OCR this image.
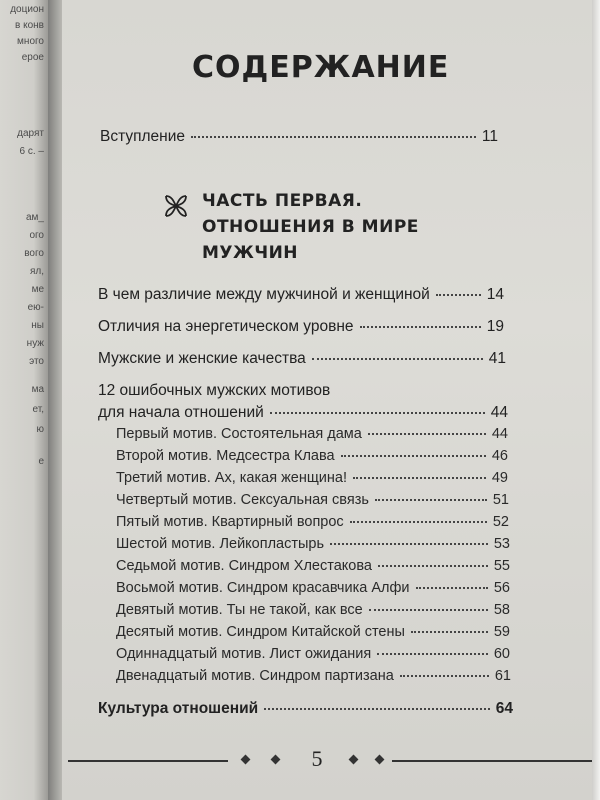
доцион
в конв
много
ерое
дарят
6 с. –
ам_
ого
вого
ял,
ме
ею-
ны
нуж
это
ма
ет,
ю
е
СОДЕРЖАНИЕ
Вступление	11
ЧАСТЬ ПЕРВАЯ.
ОТНОШЕНИЯ В МИРЕ
МУЖЧИН
В чем различие между мужчиной и женщиной	14
Отличия на энергетическом уровне	19
Мужские и женские качества	41
12 ошибочных мужских мотивов
для начала отношений	44
Первый мотив. Состоятельная дама	44
Второй мотив. Медсестра Клава	46
Третий мотив. Ах, какая женщина!	49
Четвертый мотив. Сексуальная связь	51
Пятый мотив. Квартирный вопрос	52
Шестой мотив. Лейкопластырь	53
Седьмой мотив. Синдром Хлестакова	55
Восьмой мотив. Синдром красавчика Алфи	56
Девятый мотив. Ты не такой, как все	58
Десятый мотив. Синдром Китайской стены	59
Одиннадцатый мотив. Лист ожидания	60
Двенадцатый мотив. Синдром партизана	61
Культура отношений	64
5
